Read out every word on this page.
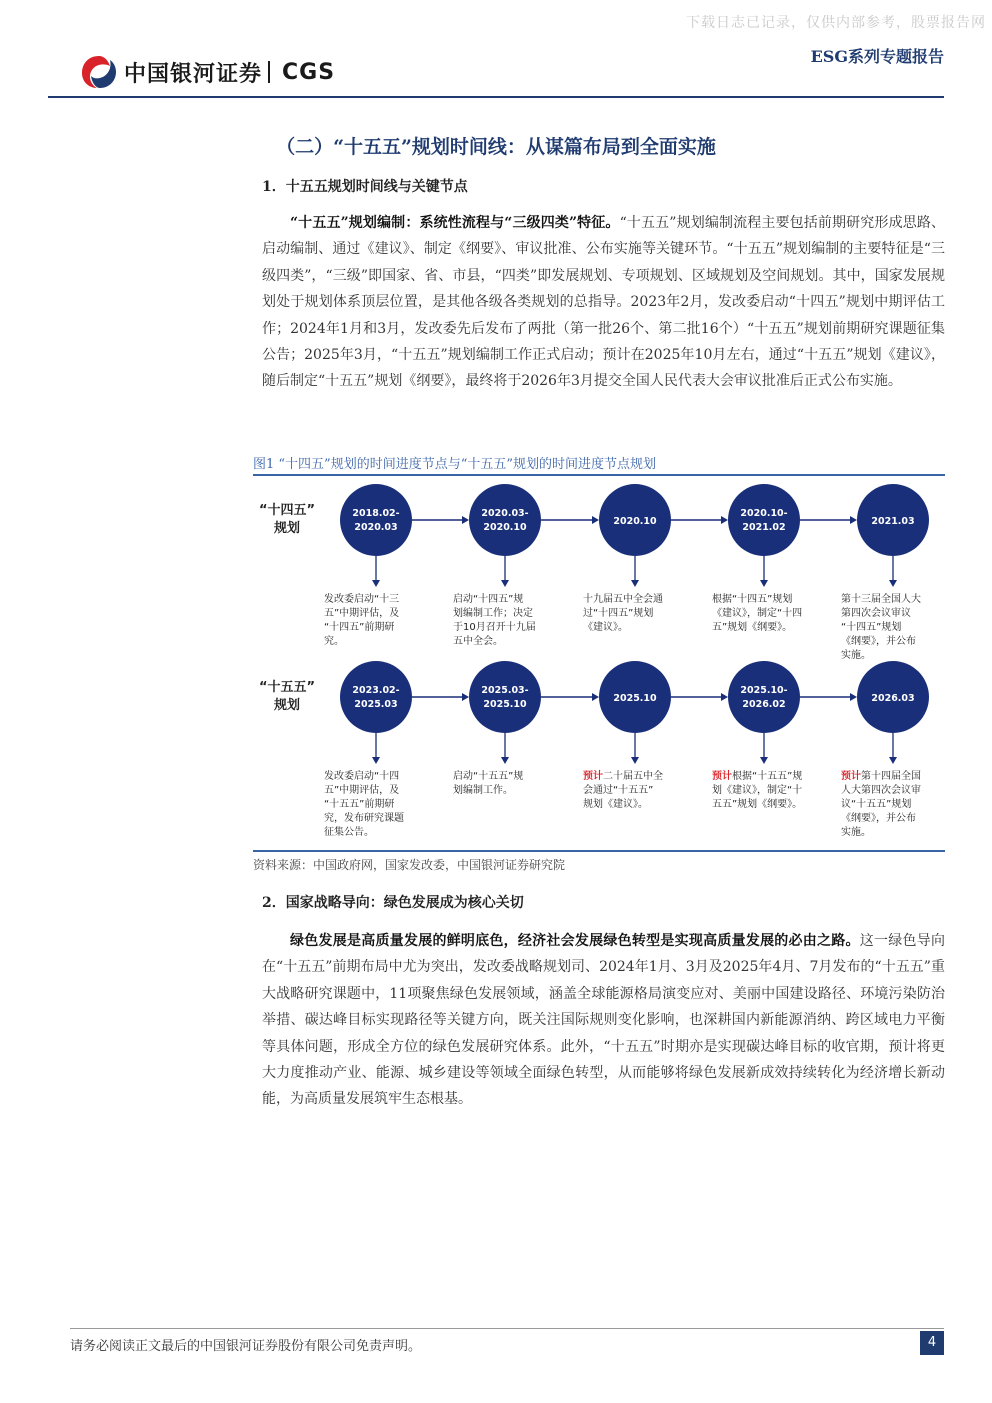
下载日志已记录，仅供内部参考，股票报告网
中国银河证券 CGS
ESG系列专题报告
（二）“十五五”规划时间线：从谋篇布局到全面实施
1．十五五规划时间线与关键节点
“十五五”规划编制：系统性流程与“三级四类”特征。“十五五”规划编制流程主要包括前期研究形成思路、启动编制、通过《建议》、制定《纲要》、审议批准、公布实施等关键环节。“十五五”规划编制的主要特征是“三级四类”，“三级”即国家、省、市县，“四类”即发展规划、专项规划、区域规划及空间规划。其中，国家发展规划处于规划体系顶层位置，是其他各级各类规划的总指导。2023年2月，发改委启动“十四五”规划中期评估工作；2024年1月和3月，发改委先后发布了两批（第一批26个、第二批16个）“十五五”规划前期研究课题征集公告；2025年3月，“十五五”规划编制工作正式启动；预计在2025年10月左右，通过“十五五”规划《建议》，随后制定“十五五”规划《纲要》，最终将于2026年3月提交全国人民代表大会审议批准后正式公布实施。
图1 “十四五”规划的时间进度节点与“十五五”规划的时间进度节点规划
“十四五”
规划
2018.02-
2020.03
发改委启动“十三
五”中期评估，及
“十四五”前期研
究。
2020.03-
2020.10
启动“十四五”规
划编制工作；决定
于10月召开十九届
五中全会。
2020.10
十九届五中全会通
过“十四五”规划
《建议》。
2020.10-
2021.02
根据“十四五”规划
《建议》，制定“十四
五”规划《纲要》。
2021.03
第十三届全国人大
第四次会议审议
“十四五”规划
《纲要》，并公布
实施。
“十五五”
规划
2023.02-
2025.03
发改委启动“十四
五”中期评估，及
“十五五”前期研
究，发布研究课题
征集公告。
2025.03-
2025.10
启动“十五五”规
划编制工作。
2025.10
预计二十届五中全
会通过“十五五”
规划《建议》。
2025.10-
2026.02
预计根据“十五五”规
划《建议》，制定“十
五五”规划《纲要》。
2026.03
预计第十四届全国
人大第四次会议审
议“十五五”规划
《纲要》，并公布
实施。
资料来源：中国政府网，国家发改委，中国银河证券研究院
2．国家战略导向：绿色发展成为核心关切
绿色发展是高质量发展的鲜明底色，经济社会发展绿色转型是实现高质量发展的必由之路。这一绿色导向在“十五五”前期布局中尤为突出，发改委战略规划司、2024年1月、3月及2025年4月、7月发布的“十五五”重大战略研究课题中，11项聚焦绿色发展领域，涵盖全球能源格局演变应对、美丽中国建设路径、环境污染防治举措、碳达峰目标实现路径等关键方向，既关注国际规则变化影响，也深耕国内新能源消纳、跨区域电力平衡等具体问题，形成全方位的绿色发展研究体系。此外，“十五五”时期亦是实现碳达峰目标的收官期，预计将更大力度推动产业、能源、城乡建设等领域全面绿色转型，从而能够将绿色发展新成效持续转化为经济增长新动能，为高质量发展筑牢生态根基。
请务必阅读正文最后的中国银河证券股份有限公司免责声明。	4
